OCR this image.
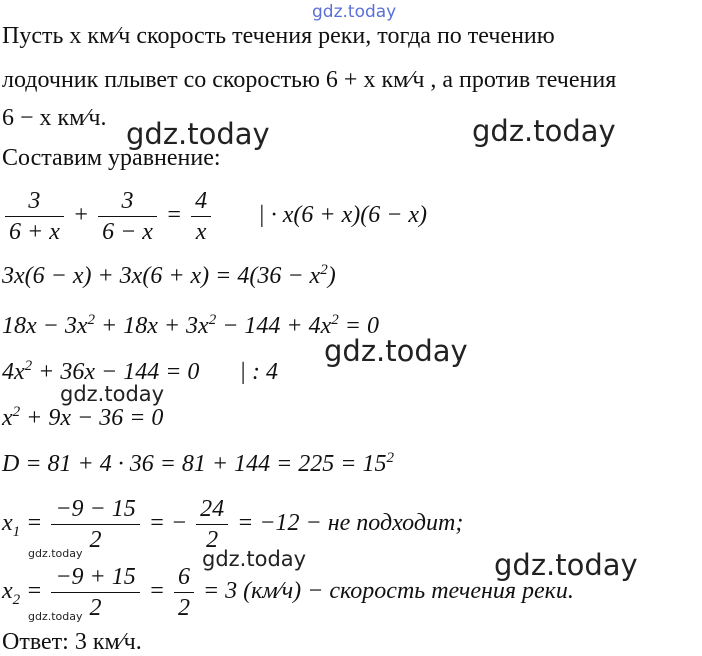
gdz.today
gdz.today	gdz.today
gdz.today
gdz.today
gdz.today	gdz.today	gdz.today
gdz.today
Пусть x км⁄ч скорость течения реки, тогда по течению
лодочник плывет со скоростью 6 + x км⁄ч , а против течения
6 − x км⁄ч.
Составим уравнение:
$\frac{3}{6 + x} + \frac{3}{6 - x} = \frac{4}{x}$ | · x(6 + x)(6 − x)
$3x(6 - x) + 3x(6 + x) = 4(36 - x^2)$
$18x - 3x^2 + 18x + 3x^2 - 144 + 4x^2 = 0$
$4x^2 + 36x - 144 = 0$ | : 4
$x^2 + 9x - 36 = 0$
$D = 81 + 4 \cdot 36 = 81 + 144 = 225 = 15^2$
$x_1 = \frac{-9 - 15}{2}$ = − $\frac{24}{2} = -12$ − не подходит;
$x_2 = \frac{-9 + 15}{2} = \frac{6}{2} = 3$ (км⁄ч) − скорость течения реки.
Ответ: 3 км⁄ч.
